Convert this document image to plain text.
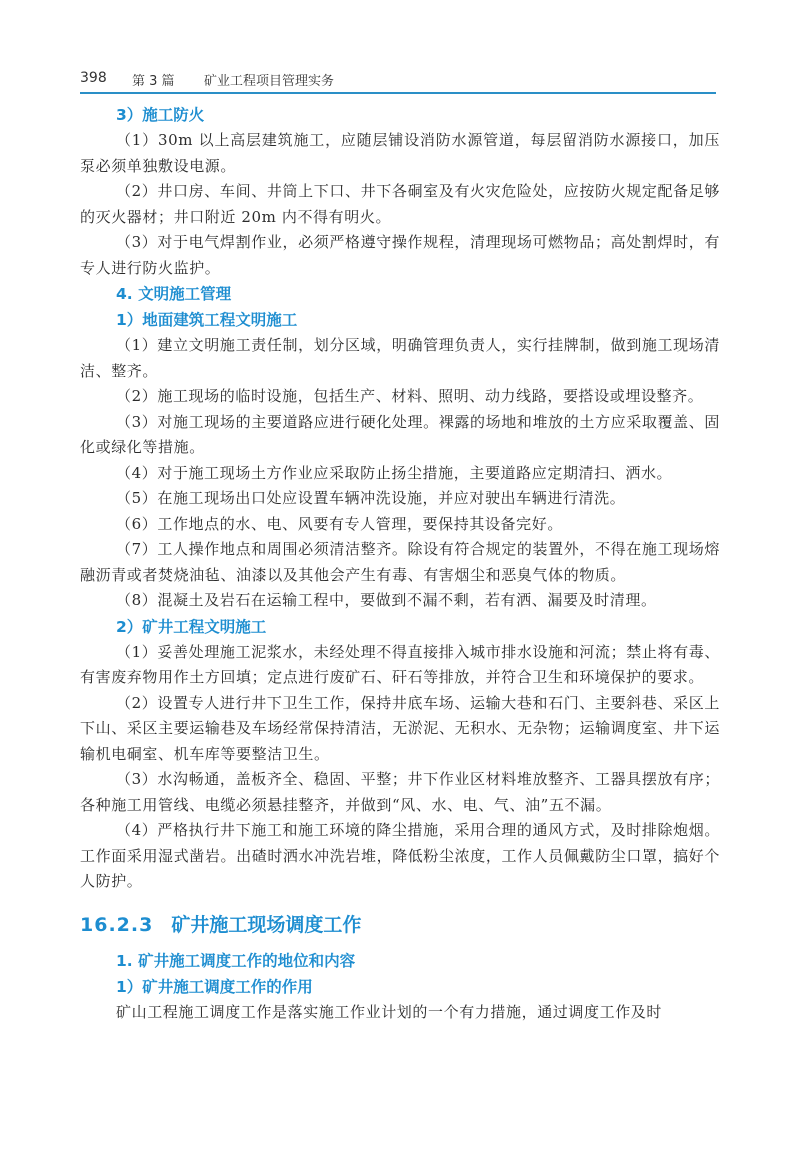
398 第 3 篇 矿业工程项目管理实务
3）施工防火

（1）30m 以上高层建筑施工，应随层铺设消防水源管道，每层留消防水源接口，加压泵必须单独敷设电源。

（2）井口房、车间、井筒上下口、井下各硐室及有火灾危险处，应按防火规定配备足够的灭火器材；井口附近 20m 内不得有明火。

（3）对于电气焊割作业，必须严格遵守操作规程，清理现场可燃物品；高处割焊时，有专人进行防火监护。

4. 文明施工管理
1）地面建筑工程文明施工

（1）建立文明施工责任制，划分区域，明确管理负责人，实行挂牌制，做到施工现场清洁、整齐。

（2）施工现场的临时设施，包括生产、材料、照明、动力线路，要搭设或埋设整齐。

（3）对施工现场的主要道路应进行硬化处理。裸露的场地和堆放的土方应采取覆盖、固化或绿化等措施。

（4）对于施工现场土方作业应采取防止扬尘措施，主要道路应定期清扫、洒水。

（5）在施工现场出口处应设置车辆冲洗设施，并应对驶出车辆进行清洗。

（6）工作地点的水、电、风要有专人管理，要保持其设备完好。

（7）工人操作地点和周围必须清洁整齐。除设有符合规定的装置外，不得在施工现场熔融沥青或者焚烧油毡、油漆以及其他会产生有毒、有害烟尘和恶臭气体的物质。

（8）混凝土及岩石在运输工程中，要做到不漏不剩，若有洒、漏要及时清理。

2）矿井工程文明施工

（1）妥善处理施工泥浆水，未经处理不得直接排入城市排水设施和河流；禁止将有毒、有害废弃物用作土方回填；定点进行废矿石、矸石等排放，并符合卫生和环境保护的要求。

（2）设置专人进行井下卫生工作，保持井底车场、运输大巷和石门、主要斜巷、采区上下山、采区主要运输巷及车场经常保持清洁，无淤泥、无积水、无杂物；运输调度室、井下运输机电硐室、机车库等要整洁卫生。

（3）水沟畅通，盖板齐全、稳固、平整；井下作业区材料堆放整齐、工器具摆放有序；各种施工用管线、电缆必须悬挂整齐，并做到“风、水、电、气、油”五不漏。

（4）严格执行井下施工和施工环境的降尘措施，采用合理的通风方式，及时排除炮烟。工作面采用湿式凿岩。出碴时洒水冲洗岩堆，降低粉尘浓度，工作人员佩戴防尘口罩，搞好个人防护。

16.2.3 矿井施工现场调度工作
1. 矿井施工调度工作的地位和内容
1）矿井施工调度工作的作用

矿山工程施工调度工作是落实施工作业计划的一个有力措施，通过调度工作及时
